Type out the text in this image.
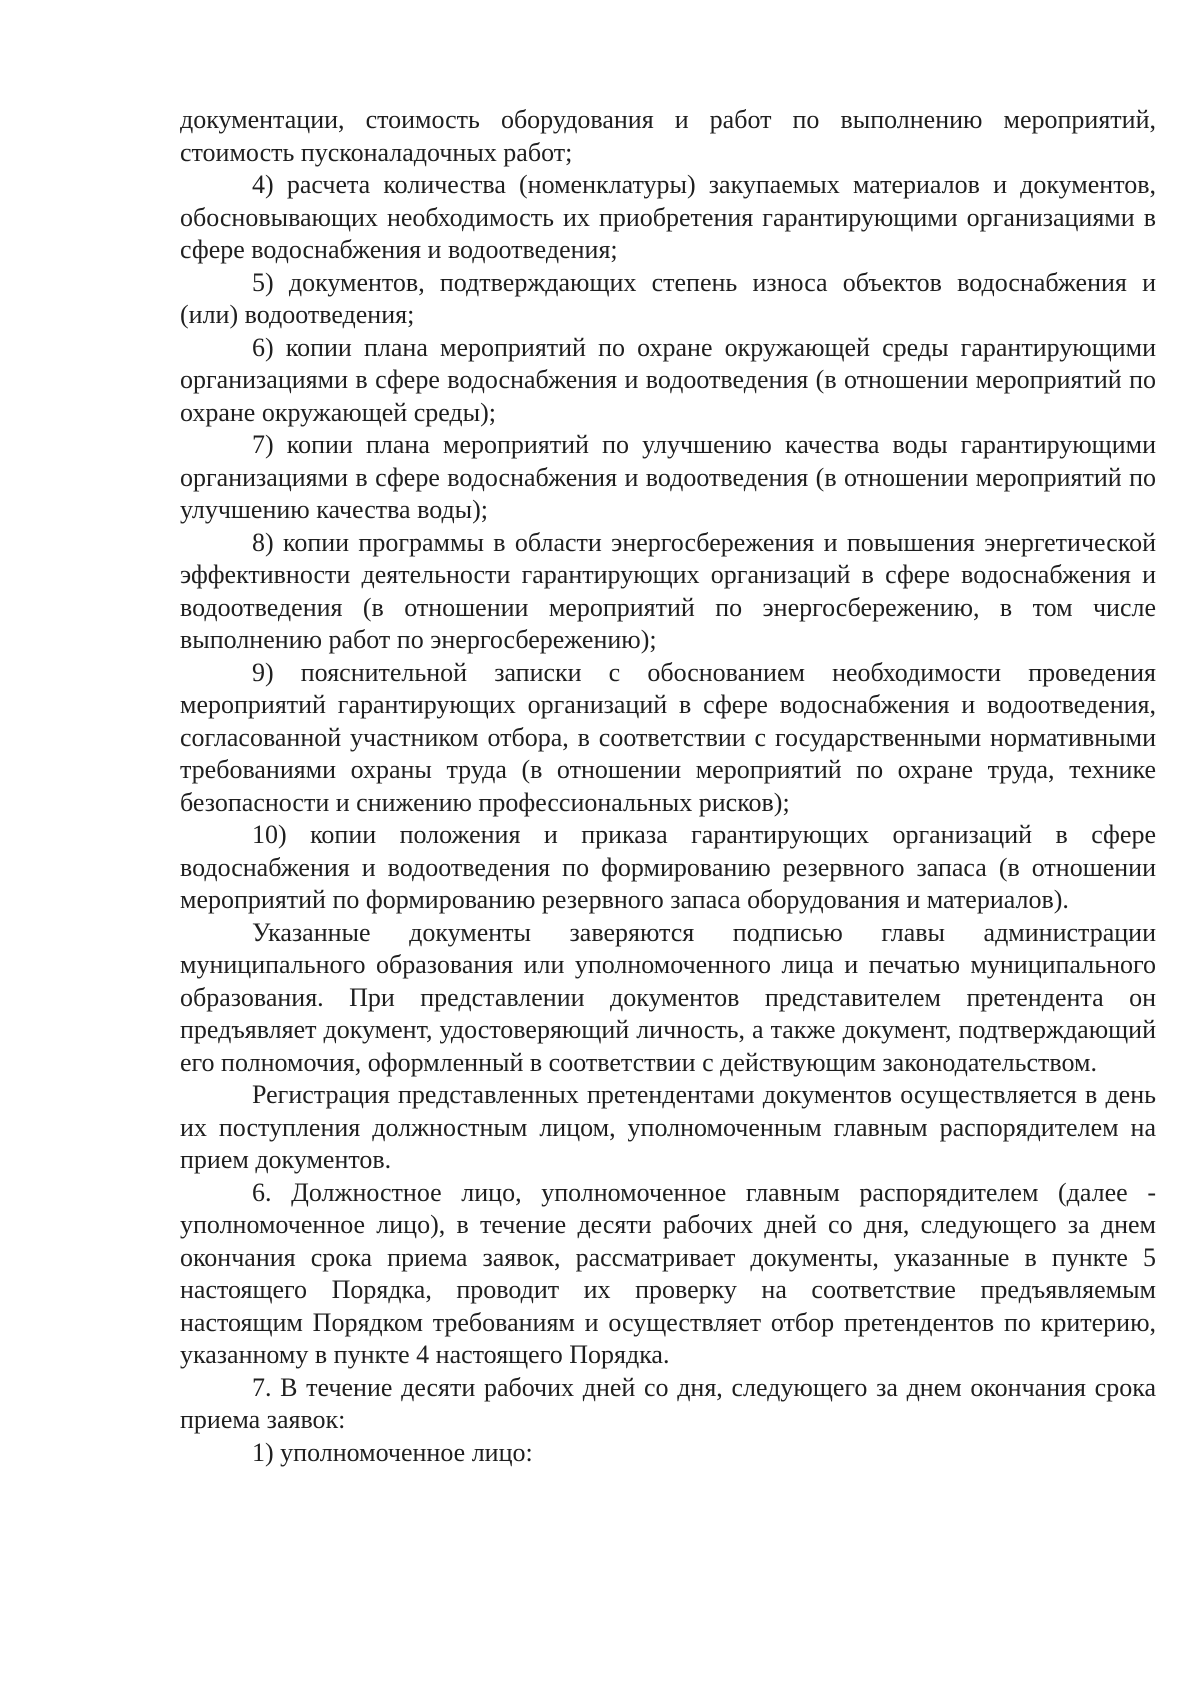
документации, стоимость оборудования и работ по выполнению мероприятий, стоимость пусконаладочных работ;

4) расчета количества (номенклатуры) закупаемых материалов и документов, обосновывающих необходимость их приобретения гарантирующими организациями в сфере водоснабжения и водоотведения;

5) документов, подтверждающих степень износа объектов водоснабжения и (или) водоотведения;

6) копии плана мероприятий по охране окружающей среды гарантирующими организациями в сфере водоснабжения и водоотведения (в отношении мероприятий по охране окружающей среды);

7) копии плана мероприятий по улучшению качества воды гарантирующими организациями в сфере водоснабжения и водоотведения (в отношении мероприятий по улучшению качества воды);

8) копии программы в области энергосбережения и повышения энергетической эффективности деятельности гарантирующих организаций в сфере водоснабжения и водоотведения (в отношении мероприятий по энергосбережению, в том числе выполнению работ по энергосбережению);

9) пояснительной записки с обоснованием необходимости проведения мероприятий гарантирующих организаций в сфере водоснабжения и водоотведения, согласованной участником отбора, в соответствии с государственными нормативными требованиями охраны труда (в отношении мероприятий по охране труда, технике безопасности и снижению профессиональных рисков);

10) копии положения и приказа гарантирующих организаций в сфере водоснабжения и водоотведения по формированию резервного запаса (в отношении мероприятий по формированию резервного запаса оборудования и материалов).

Указанные документы заверяются подписью главы администрации муниципального образования или уполномоченного лица и печатью муниципального образования. При представлении документов представителем претендента он предъявляет документ, удостоверяющий личность, а также документ, подтверждающий его полномочия, оформленный в соответствии с действующим законодательством.

Регистрация представленных претендентами документов осуществляется в день их поступления должностным лицом, уполномоченным главным распорядителем на прием документов.

6. Должностное лицо, уполномоченное главным распорядителем (далее - уполномоченное лицо), в течение десяти рабочих дней со дня, следующего за днем окончания срока приема заявок, рассматривает документы, указанные в пункте 5 настоящего Порядка, проводит их проверку на соответствие предъявляемым настоящим Порядком требованиям и осуществляет отбор претендентов по критерию, указанному в пункте 4 настоящего Порядка.

7. В течение десяти рабочих дней со дня, следующего за днем окончания срока приема заявок:

1) уполномоченное лицо:
